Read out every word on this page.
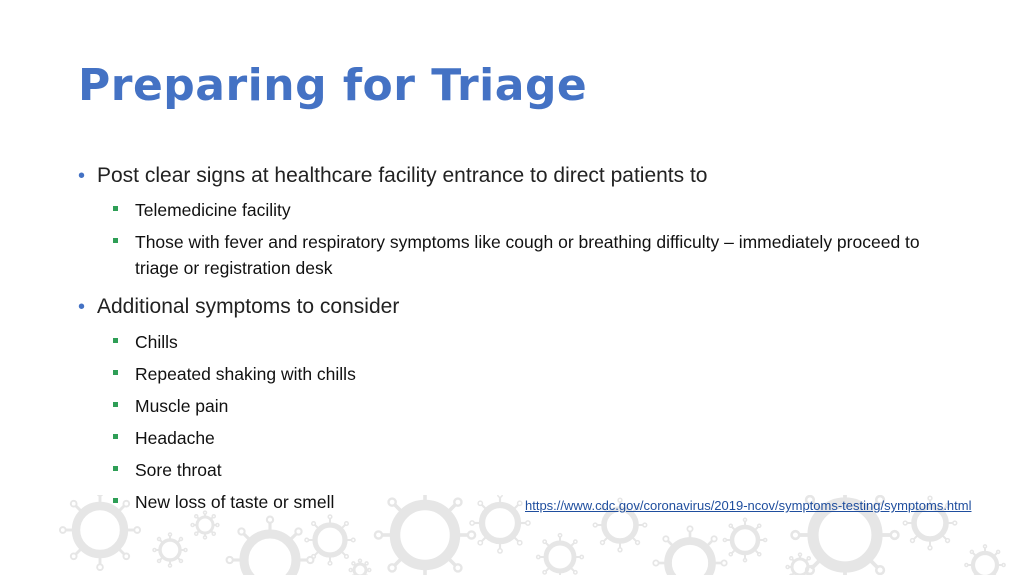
Preparing for Triage
• Post clear signs at healthcare facility entrance to direct patients to
Telemedicine facility
Those with fever and respiratory symptoms like cough or breathing difficulty – immediately proceed to triage or registration desk
• Additional symptoms to consider
Chills
Repeated shaking with chills
Muscle pain
Headache
Sore throat
New loss of taste or smell	https://www.cdc.gov/coronavirus/2019-ncov/symptoms-testing/symptoms.html
